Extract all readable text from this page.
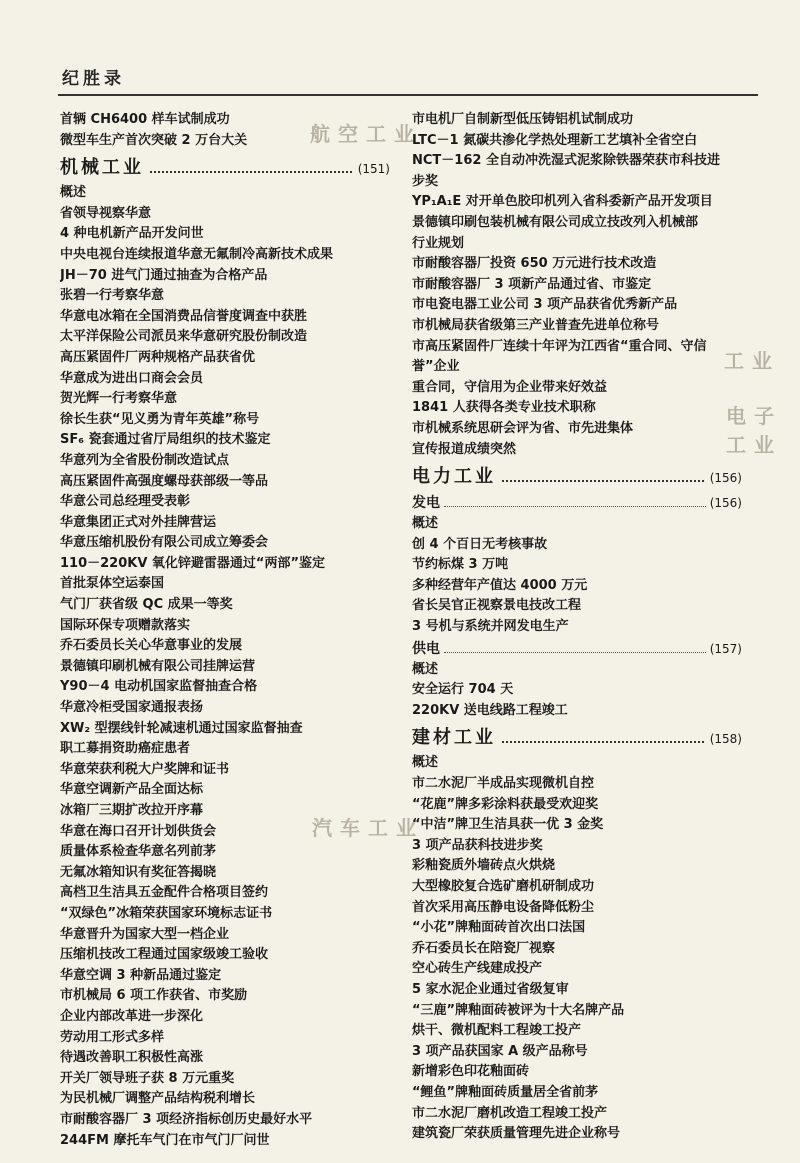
纪胜录
航空工业
汽车工业
工业
电子工业
首辆 CH6400 样车试制成功
微型车生产首次突破 2 万台大关
机械工业	(151)
概述
省领导视察华意
4 种电机新产品开发问世
中央电视台连续报道华意无氟制冷高新技术成果
JH－70 进气门通过抽查为合格产品
张碧一行考察华意
华意电冰箱在全国消费品信誉度调查中获胜
太平洋保险公司派员来华意研究股份制改造
高压紧固件厂两种规格产品获省优
华意成为进出口商会会员
贺光辉一行考察华意
徐长生获“见义勇为青年英雄”称号
SF₆ 瓷套通过省厅局组织的技术鉴定
华意列为全省股份制改造试点
高压紧固件高强度螺母获部级一等品
华意公司总经理受表彰
华意集团正式对外挂牌营运
华意压缩机股份有限公司成立筹委会
110－220KV 氧化锌避雷器通过“两部”鉴定
首批泵体空运泰国
气门厂获省级 QC 成果一等奖
国际环保专项赠款落实
乔石委员长关心华意事业的发展
景德镇印刷机械有限公司挂牌运营
Y90－4 电动机国家监督抽查合格
华意冷柜受国家通报表扬
XW₂ 型摆线针轮减速机通过国家监督抽查
职工募捐资助癌症患者
华意荣获利税大户奖牌和证书
华意空调新产品全面达标
冰箱厂三期扩改拉开序幕
华意在海口召开计划供货会
质量体系检查华意名列前茅
无氟冰箱知识有奖征答揭晓
高档卫生洁具五金配件合格项目签约
“双绿色”冰箱荣获国家环境标志证书
华意晋升为国家大型一档企业
压缩机技改工程通过国家级竣工验收
华意空调 3 种新品通过鉴定
市机械局 6 项工作获省、市奖励
企业内部改革进一步深化
劳动用工形式多样
待遇改善职工积极性高涨
开关厂领导班子获 8 万元重奖
为民机械厂调整产品结构税利增长
市耐酸容器厂 3 项经济指标创历史最好水平
244FM 摩托车气门在市气门厂问世
市电机厂自制新型低压铸铝机试制成功
LTC－1 氮碳共渗化学热处理新工艺填补全省空白
NCT－162 全自动冲洗湿式泥浆除铁器荣获市科技进
步奖
YP₁A₁E 对开单色胶印机列入省科委新产品开发项目
景德镇印刷包装机械有限公司成立技改列入机械部
行业规划
市耐酸容器厂投资 650 万元进行技术改造
市耐酸容器厂 3 项新产品通过省、市鉴定
市电瓷电器工业公司 3 项产品获省优秀新产品
市机械局获省级第三产业普查先进单位称号
市高压紧固件厂连续十年评为江西省“重合同、守信
誉”企业
重合同，守信用为企业带来好效益
1841 人获得各类专业技术职称
市机械系统思研会评为省、市先进集体
宣传报道成绩突然
电力工业	(156)
发电	(156)
概述
创 4 个百日无考核事故
节约标煤 3 万吨
多种经营年产值达 4000 万元
省长吴官正视察景电技改工程
3 号机与系统并网发电生产
供电	(157)
概述
安全运行 704 天
220KV 送电线路工程竣工
建材工业	(158)
概述
市二水泥厂半成品实现微机自控
“花鹿”牌多彩涂料获最受欢迎奖
“中洁”牌卫生洁具获一优 3 金奖
3 项产品获科技进步奖
彩釉瓷质外墙砖点火烘烧
大型橡胶复合选矿磨机研制成功
首次采用高压静电设备降低粉尘
“小花”牌釉面砖首次出口法国
乔石委员长在陪瓷厂视察
空心砖生产线建成投产
5 家水泥企业通过省级复审
“三鹿”牌釉面砖被评为十大名牌产品
烘干、微机配料工程竣工投产
3 项产品获国家 A 级产品称号
新增彩色印花釉面砖
“鲤鱼”牌釉面砖质量居全省前茅
市二水泥厂磨机改造工程竣工投产
建筑瓷厂荣获质量管理先进企业称号
